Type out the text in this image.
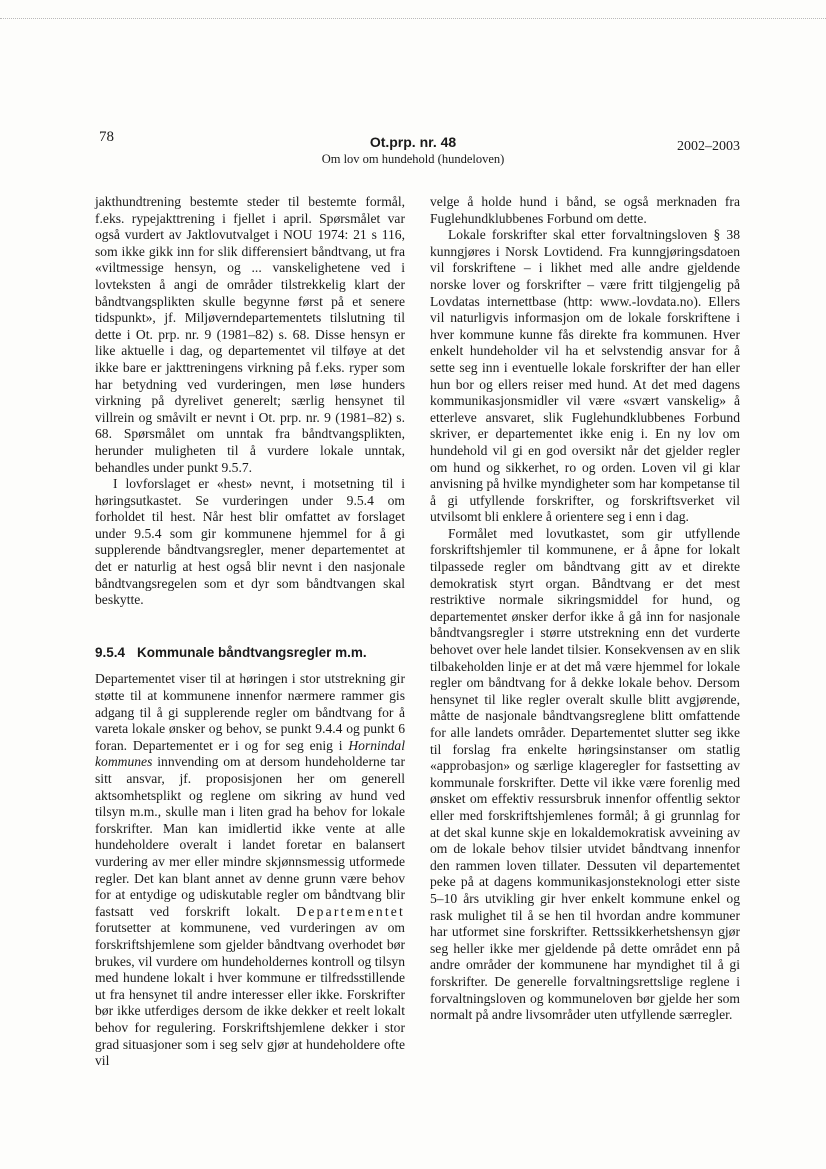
78	Ot.prp. nr. 48
Om lov om hundehold (hundeloven)
2002–2003

jakthundtrening bestemte steder til bestemte formål, f.eks. rypejakttrening i fjellet i april. Spørsmålet var også vurdert av Jaktlovutvalget i NOU 1974: 21 s 116, som ikke gikk inn for slik differensiert båndtvang, ut fra «viltmessige hensyn, og ... vanskelighetene ved i lovteksten å angi de områder tilstrekkelig klart der båndtvangsplikten skulle begynne først på et senere tidspunkt», jf. Miljøverndepartementets tilslutning til dette i Ot. prp. nr. 9 (1981–82) s. 68. Disse hensyn er like aktuelle i dag, og departementet vil tilføye at det ikke bare er jakttreningens virkning på f.eks. ryper som har betydning ved vurderingen, men løse hunders virkning på dyrelivet generelt; særlig hensynet til villrein og småvilt er nevnt i Ot. prp. nr. 9 (1981–82) s. 68. Spørsmålet om unntak fra båndtvangsplikten, herunder muligheten til å vurdere lokale unntak, behandles under punkt 9.5.7.

I lovforslaget er «hest» nevnt, i motsetning til i høringsutkastet. Se vurderingen under 9.5.4 om forholdet til hest. Når hest blir omfattet av forslaget under 9.5.4 som gir kommunene hjemmel for å gi supplerende båndtvangsregler, mener departementet at det er naturlig at hest også blir nevnt i den nasjonale båndtvangsregelen som et dyr som båndtvangen skal beskytte.

9.5.4 Kommunale båndtvangsregler m.m.

Departementet viser til at høringen i stor utstrekning gir støtte til at kommunene innenfor nærmere rammer gis adgang til å gi supplerende regler om båndtvang for å vareta lokale ønsker og behov, se punkt 9.4.4 og punkt 6 foran. Departementet er i og for seg enig i Hornindal kommunes innvending om at dersom hundeholderne tar sitt ansvar, jf. proposisjonen her om generell aktsomhetsplikt og reglene om sikring av hund ved tilsyn m.m., skulle man i liten grad ha behov for lokale forskrifter. Man kan imidlertid ikke vente at alle hundeholdere overalt i landet foretar en balansert vurdering av mer eller mindre skjønnsmessig utformede regler. Det kan blant annet av denne grunn være behov for at entydige og udiskutable regler om båndtvang blir fastsatt ved forskrift lokalt. Departementet forutsetter at kommunene, ved vurderingen av om forskriftshjemlene som gjelder båndtvang overhodet bør brukes, vil vurdere om hundeholdernes kontroll og tilsyn med hundene lokalt i hver kommune er tilfredsstillende ut fra hensynet til andre interesser eller ikke. Forskrifter bør ikke utferdiges dersom de ikke dekker et reelt lokalt behov for regulering. Forskriftshjemlene dekker i stor grad situasjoner som i seg selv gjør at hundeholdere ofte vil

velge å holde hund i bånd, se også merknaden fra Fuglehundklubbenes Forbund om dette.

Lokale forskrifter skal etter forvaltningsloven § 38 kunngjøres i Norsk Lovtidend. Fra kunngjøringsdatoen vil forskriftene – i likhet med alle andre gjeldende norske lover og forskrifter – være fritt tilgjengelig på Lovdatas internettbase (http: www.-lovdata.no). Ellers vil naturligvis informasjon om de lokale forskriftene i hver kommune kunne fås direkte fra kommunen. Hver enkelt hundeholder vil ha et selvstendig ansvar for å sette seg inn i eventuelle lokale forskrifter der han eller hun bor og ellers reiser med hund. At det med dagens kommunikasjonsmidler vil være «svært vanskelig» å etterleve ansvaret, slik Fuglehundklubbenes Forbund skriver, er departementet ikke enig i. En ny lov om hundehold vil gi en god oversikt når det gjelder regler om hund og sikkerhet, ro og orden. Loven vil gi klar anvisning på hvilke myndigheter som har kompetanse til å gi utfyllende forskrifter, og forskriftsverket vil utvilsomt bli enklere å orientere seg i enn i dag.

Formålet med lovutkastet, som gir utfyllende forskriftshjemler til kommunene, er å åpne for lokalt tilpassede regler om båndtvang gitt av et direkte demokratisk styrt organ. Båndtvang er det mest restriktive normale sikringsmiddel for hund, og departementet ønsker derfor ikke å gå inn for nasjonale båndtvangsregler i større utstrekning enn det vurderte behovet over hele landet tilsier. Konsekvensen av en slik tilbakeholden linje er at det må være hjemmel for lokale regler om båndtvang for å dekke lokale behov. Dersom hensynet til like regler overalt skulle blitt avgjørende, måtte de nasjonale båndtvangsreglene blitt omfattende for alle landets områder. Departementet slutter seg ikke til forslag fra enkelte høringsinstanser om statlig «approbasjon» og særlige klageregler for fastsetting av kommunale forskrifter. Dette vil ikke være forenlig med ønsket om effektiv ressursbruk innenfor offentlig sektor eller med forskriftshjemlenes formål; å gi grunnlag for at det skal kunne skje en lokaldemokratisk avveining av om de lokale behov tilsier utvidet båndtvang innenfor den rammen loven tillater. Dessuten vil departementet peke på at dagens kommunikasjonsteknologi etter siste 5–10 års utvikling gir hver enkelt kommune enkel og rask mulighet til å se hen til hvordan andre kommuner har utformet sine forskrifter. Rettssikkerhetshensyn gjør seg heller ikke mer gjeldende på dette området enn på andre områder der kommunene har myndighet til å gi forskrifter. De generelle forvaltningsrettslige reglene i forvaltningsloven og kommuneloven bør gjelde her som normalt på andre livsområder uten utfyllende særregler.
